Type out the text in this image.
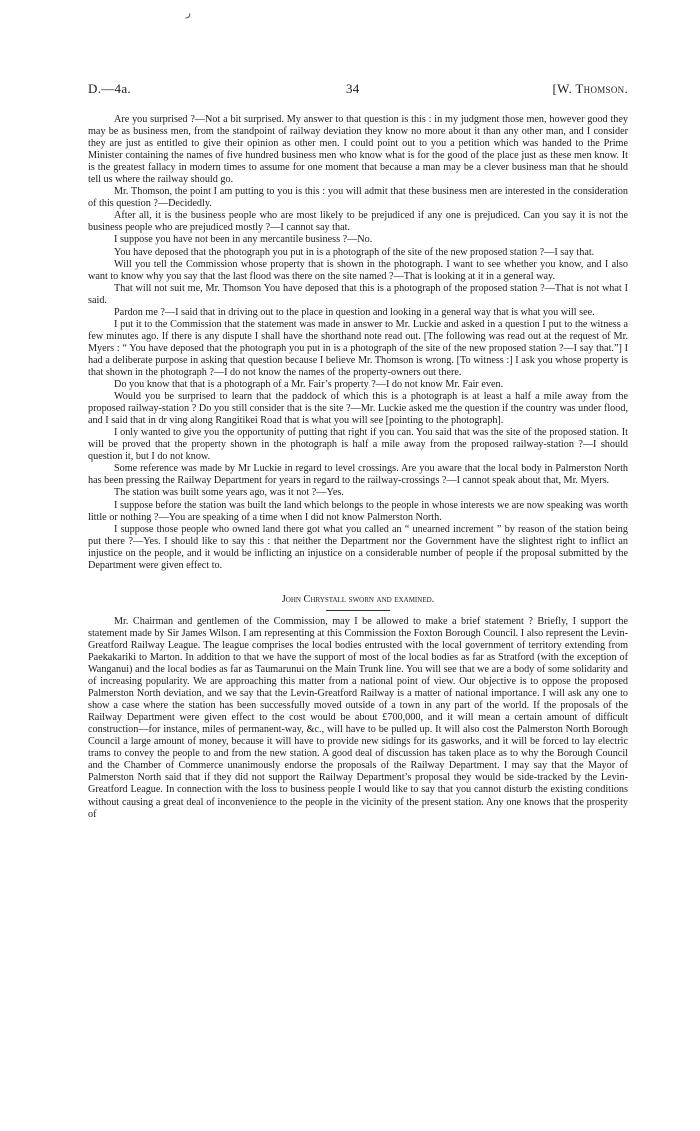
ر
D.—4a.	34	[W. Thomson.

Are you surprised ?—Not a bit surprised. My answer to that question is this : in my judgment those men, however good they may be as business men, from the standpoint of railway deviation they know no more about it than any other man, and I consider they are just as entitled to give their opinion as other men. I could point out to you a petition which was handed to the Prime Minister containing the names of five hundred business men who know what is for the good of the place just as these men know. It is the greatest fallacy in modern times to assume for one moment that because a man may be a clever business man that he should tell us where the railway should go.

Mr. Thomson, the point I am putting to you is this : you will admit that these business men are interested in the consideration of this question ?—Decidedly.

After all, it is the business people who are most likely to be prejudiced if any one is prejudiced. Can you say it is not the business people who are prejudiced mostly ?—I cannot say that.

I suppose you have not been in any mercantile business ?—No.

You have deposed that the photograph you put in is a photograph of the site of the new proposed station ?—I say that.

Will you tell the Commission whose property that is shown in the photograph. I want to see whether you know, and I also want to know why you say that the last flood was there on the site named ?—That is looking at it in a general way.

That will not suit me, Mr. Thomson You have deposed that this is a photograph of the proposed station ?—That is not what I said.

Pardon me ?—I said that in driving out to the place in question and looking in a general way that is what you will see.

I put it to the Commission that the statement was made in answer to Mr. Luckie and asked in a question I put to the witness a few minutes ago. If there is any dispute I shall have the shorthand note read out. [The following was read out at the request of Mr. Myers : “ You have deposed that the photograph you put in is a photograph of the site of the new proposed station ?—I say that.”] I had a deliberate purpose in asking that question because I believe Mr. Thomson is wrong. [To witness :] I ask you whose property is that shown in the photograph ?—I do not know the names of the property-owners out there.

Do you know that that is a photograph of a Mr. Fair’s property ?—I do not know Mr. Fair even.

Would you be surprised to learn that the paddock of which this is a photograph is at least a half a mile away from the proposed railway-station ? Do you still consider that is the site ?—Mr. Luckie asked me the question if the country was under flood, and I said that in dr ving along Rangitikei Road that is what you will see [pointing to the photograph].

I only wanted to give you the opportunity of putting that right if you can. You said that was the site of the proposed station. It will be proved that the property shown in the photograph is half a mile away from the proposed railway-station ?—I should question it, but I do not know.

Some reference was made by Mr Luckie in regard to level crossings. Are you aware that the local body in Palmerston North has been pressing the Railway Department for years in regard to the railway-crossings ?—I cannot speak about that, Mr. Myers.

The station was built some years ago, was it not ?—Yes.

I suppose before the station was built the land which belongs to the people in whose interests we are now speaking was worth little or nothing ?—You are speaking of a time when I did not know Palmerston North.

I suppose those people who owned land there got what you called an “ unearned increment ” by reason of the station being put there ?—Yes. I should like to say this : that neither the Department nor the Government have the slightest right to inflict an injustice on the people, and it would be inflicting an injustice on a considerable number of people if the proposal submitted by the Department were given effect to.

John Chrystall sworn and examined.

Mr. Chairman and gentlemen of the Commission, may I be allowed to make a brief statement ? Briefly, I support the statement made by Sir James Wilson. I am representing at this Commission the Foxton Borough Council. I also represent the Levin-Greatford Railway League. The league comprises the local bodies entrusted with the local government of territory extending from Paekakariki to Marton. In addition to that we have the support of most of the local bodies as far as Stratford (with the exception of Wanganui) and the local bodies as far as Taumarunui on the Main Trunk line. You will see that we are a body of some solidarity and of increasing popularity. We are approaching this matter from a national point of view. Our objective is to oppose the proposed Palmerston North deviation, and we say that the Levin-Greatford Railway is a matter of national importance. I will ask any one to show a case where the station has been successfully moved outside of a town in any part of the world. If the proposals of the Railway Department were given effect to the cost would be about £700,000, and it will mean a certain amount of difficult construction—for instance, miles of permanent-way, &c., will have to be pulled up. It will also cost the Palmerston North Borough Council a large amount of money, because it will have to provide new sidings for its gasworks, and it will be forced to lay electric trams to convey the people to and from the new station. A good deal of discussion has taken place as to why the Borough Council and the Chamber of Commerce unanimously endorse the proposals of the Railway Department. I may say that the Mayor of Palmerston North said that if they did not support the Railway Department’s proposal they would be side-tracked by the Levin-Greatford League. In connection with the loss to business people I would like to say that you cannot disturb the existing conditions without causing a great deal of inconvenience to the people in the vicinity of the present station. Any one knows that the prosperity of
